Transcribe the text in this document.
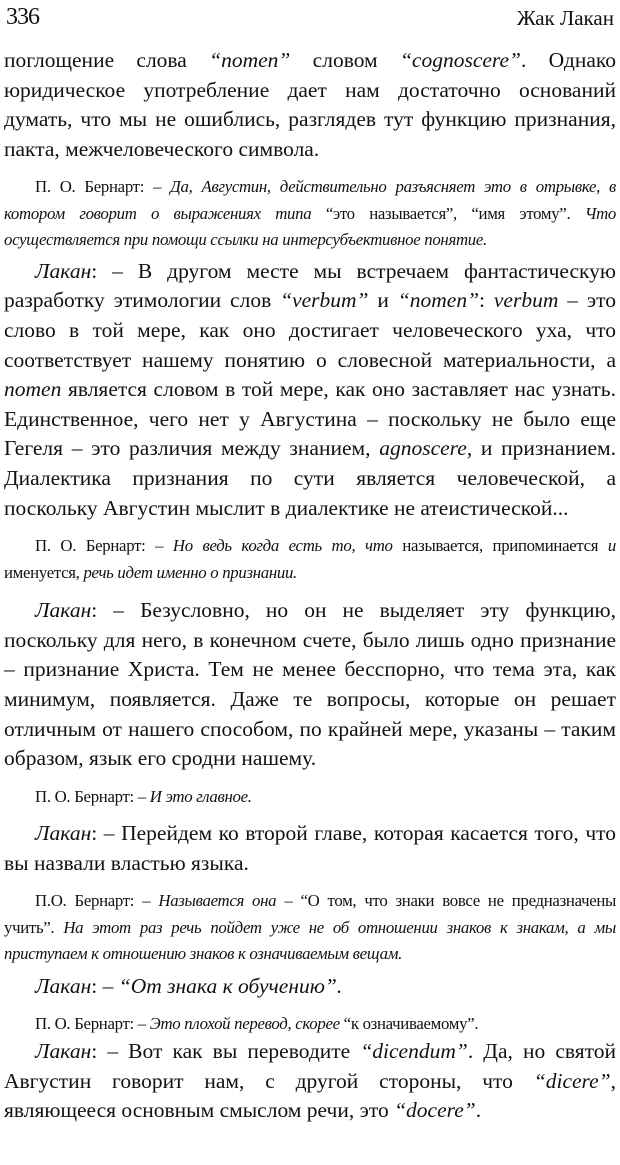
336	Жак Лакан

поглощение слова “nomen” словом “cognoscere”. Однако юридическое употребление дает нам достаточно оснований думать, что мы не ошиблись, разглядев тут функцию признания, пакта, межчеловеческого символа.

П. О. Бернарт: – Да, Августин, действительно разъясняет это в отрывке, в котором говорит о выражениях типа “это называется”, “имя этому”. Что осуществляется при помощи ссылки на интерсубъективное понятие.

Лакан: – В другом месте мы встречаем фантастическую разработку этимологии слов “verbum” и “nomen”: verbum – это слово в той мере, как оно достигает человеческого уха, что соответствует нашему понятию о словесной материальности, а nomen является словом в той мере, как оно заставляет нас узнать. Единственное, чего нет у Августина – поскольку не было еще Гегеля – это различия между знанием, agnoscere, и признанием. Диалектика признания по сути является человеческой, а поскольку Августин мыслит в диалектике не атеистической...

П. О. Бернарт: – Но ведь когда есть то, что называется, припоминается и именуется, речь идет именно о признании.

Лакан: – Безусловно, но он не выделяет эту функцию, поскольку для него, в конечном счете, было лишь одно признание – признание Христа. Тем не менее бесспорно, что тема эта, как минимум, появляется. Даже те вопросы, которые он решает отличным от нашего способом, по крайней мере, указаны – таким образом, язык его сродни нашему.

П. О. Бернарт: – И это главное.

Лакан: – Перейдем ко второй главе, которая касается того, что вы назвали властью языка.

П.О. Бернарт: – Называется она – “О том, что знаки вовсе не предназначены учить”. На этот раз речь пойдет уже не об отношении знаков к знакам, а мы приступаем к отношению знаков к означиваемым вещам.

Лакан: – “От знака к обучению”.

П. О. Бернарт: – Это плохой перевод, скорее “к означиваемому”.

Лакан: – Вот как вы переводите “dicendum”. Да, но святой Августин говорит нам, с другой стороны, что “dicere”, являющееся основным смыслом речи, это “docere”.
